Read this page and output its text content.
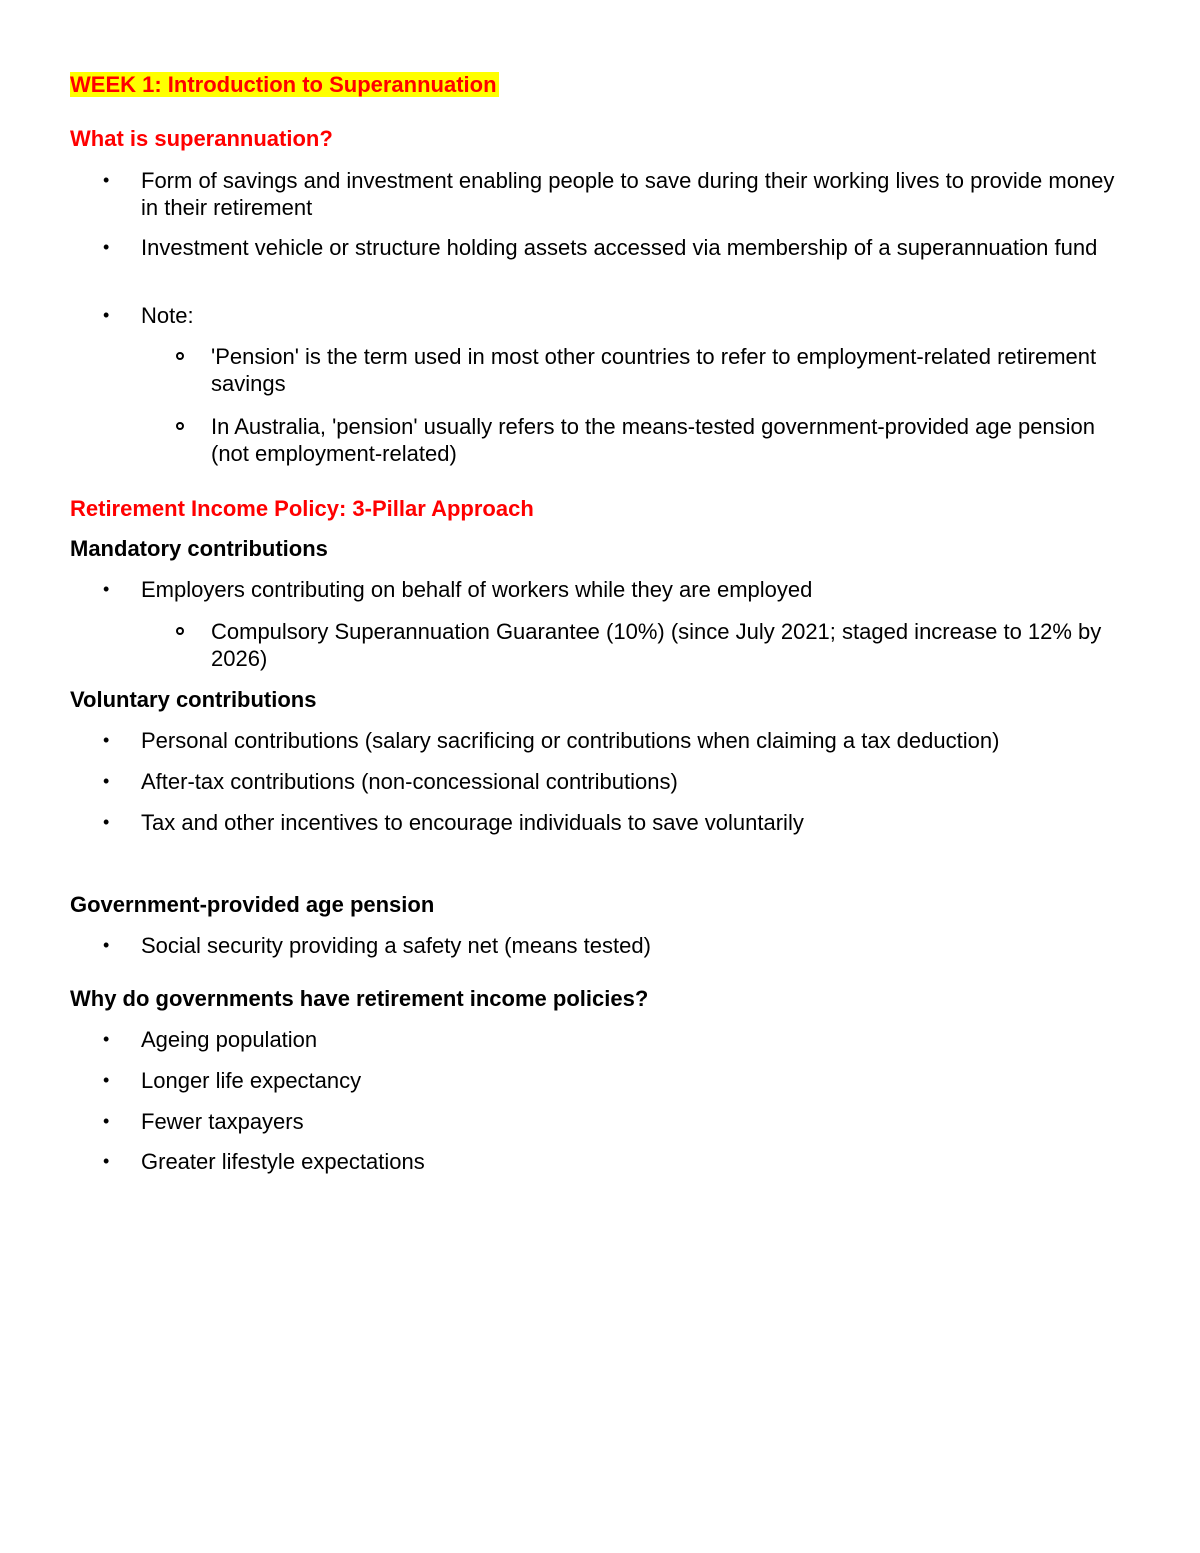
WEEK 1: Introduction to Superannuation
What is superannuation?
• Form of savings and investment enabling people to save during their working lives to provide money in their retirement

• Investment vehicle or structure holding assets accessed via membership of a superannuation fund

• Note:

'Pension' is the term used in most other countries to refer to employment-related retirement savings

In Australia, 'pension' usually refers to the means-tested government-provided age pension (not employment-related)

Retirement Income Policy: 3-Pillar Approach
Mandatory contributions
• Employers contributing on behalf of workers while they are employed

Compulsory Superannuation Guarantee (10%) (since July 2021; staged increase to 12% by 2026)

Voluntary contributions
• Personal contributions (salary sacrificing or contributions when claiming a tax deduction)

• After-tax contributions (non-concessional contributions)

• Tax and other incentives to encourage individuals to save voluntarily

Government-provided age pension
• Social security providing a safety net (means tested)

Why do governments have retirement income policies?
• Ageing population

• Longer life expectancy

• Fewer taxpayers

• Greater lifestyle expectations
